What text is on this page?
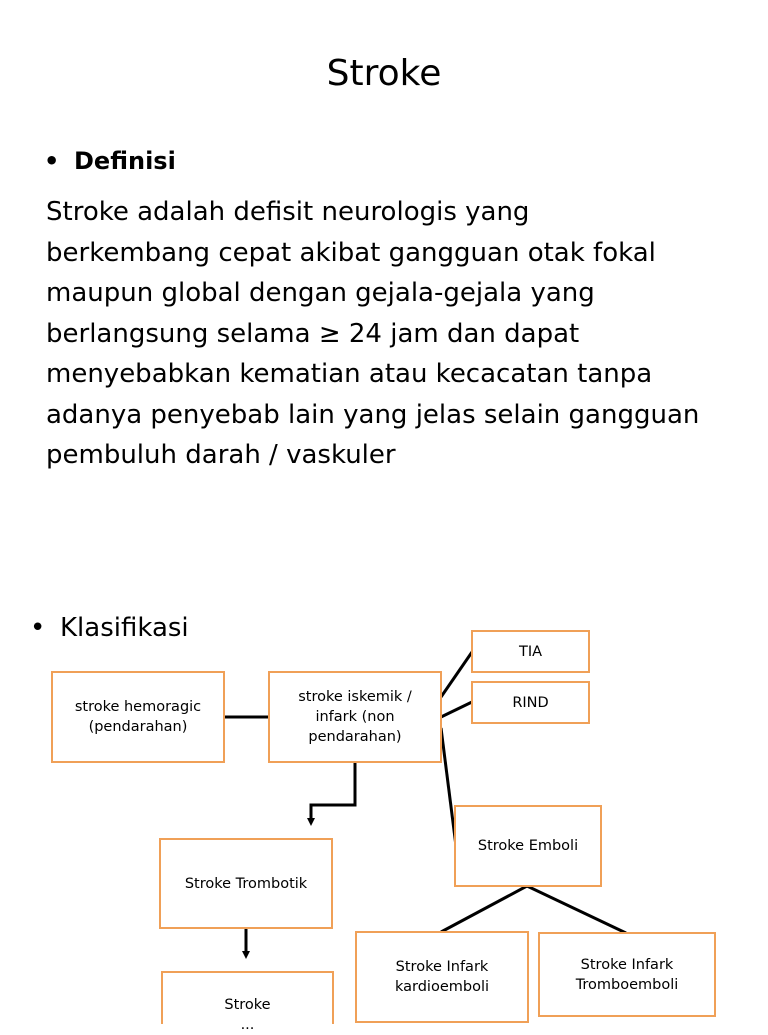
Stroke
• Definisi
Stroke adalah defisit neurologis yang
berkembang cepat akibat gangguan otak fokal
maupun global dengan gejala-gejala yang
berlangsung selama ≥ 24 jam dan dapat
menyebabkan kematian atau kecacatan tanpa
adanya penyebab lain yang jelas selain gangguan
pembuluh darah / vaskuler
• Klasifikasi
stroke hemoragic
(pendarahan)
stroke iskemik /
infark (non
pendarahan)
TIA
RIND
Stroke Emboli
Stroke Trombotik
Stroke Infark
kardioemboli
Stroke Infark
Tromboemboli
Stroke
...
